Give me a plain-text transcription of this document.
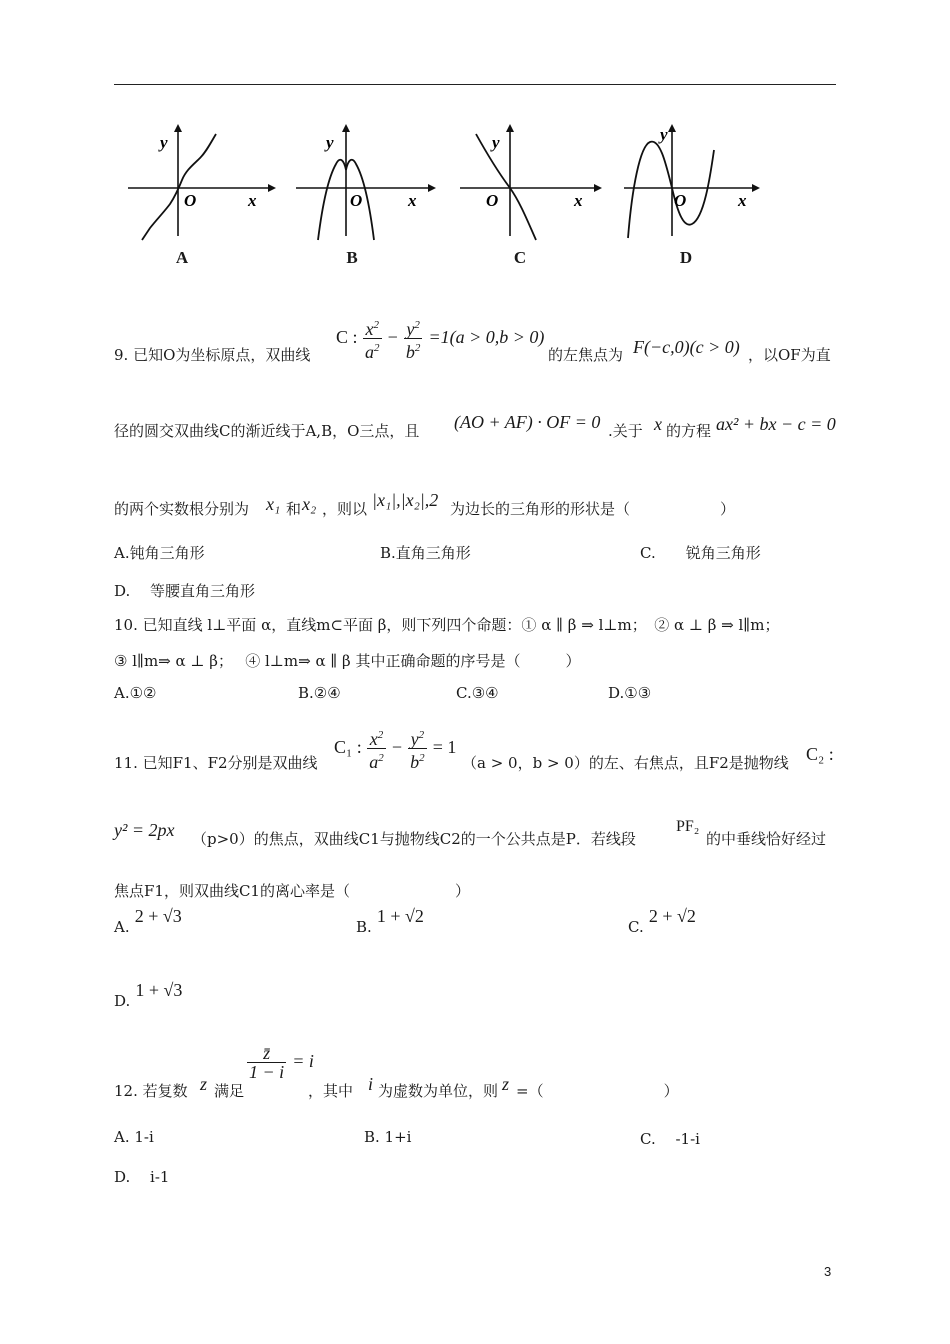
y
O	x
A
y
O	x
B
y
O	x
C
y
O	x
D
9. 已知O为坐标原点，双曲线
C : $\frac{x^2}{a^2} - \frac{y^2}{b^2} =1(a > 0,b > 0)$
的左焦点为 F(−c,0)(c > 0) ，以OF为直
径的圆交双曲线C的渐近线于A,B，O三点，且 (AO + AF) · OF = 0 .关于 x 的方程 ax² + bx − c = 0
的两个实数根分别为 x₁ 和 x₂ ，则以 |x₁|,|x₂|,2 为边长的三角形的形状是（　　　　　　）
A.钝角三角形	B.直角三角形	C.　　锐角三角形
D.　 等腰直角三角形
10. 已知直线 l⊥平面 α，直线m⊂平面 β，则下列四个命题：① α ∥ β ⇒ l⊥m；　② α ⊥ β ⇒ l∥m；
③ l∥m⇒ α ⊥ β；　 ④ l⊥m⇒ α ∥ β 其中正确命题的序号是（　　　）
A.①②	B.②④	C.③④	D.①③
11. 已知F1、F2分别是双曲线
C₁ : $\frac{x^2}{a^2} - \frac{y^2}{b^2} = 1$
（a > 0，b > 0）的左、右焦点，且F2是抛物线 C₂ :
y² = 2px （p>0）的焦点，双曲线C1与抛物线C2的一个公共点是P．若线段
PF₂
的中垂线恰好经过
焦点F1，则双曲线C1的离心率是（　　　　　　　）
A. 2 + √3
B. 1 + √2
C. 2 + √2
D. 1 + √3
12. 若复数 z 满足
$\frac{z̄}{1 - i} = i$
，其中 i 为虚数为单位，则 z =（　　　　　　　　）
A. 1-i	B. 1+i	C.　 -1-i
D.　 i-1
3
